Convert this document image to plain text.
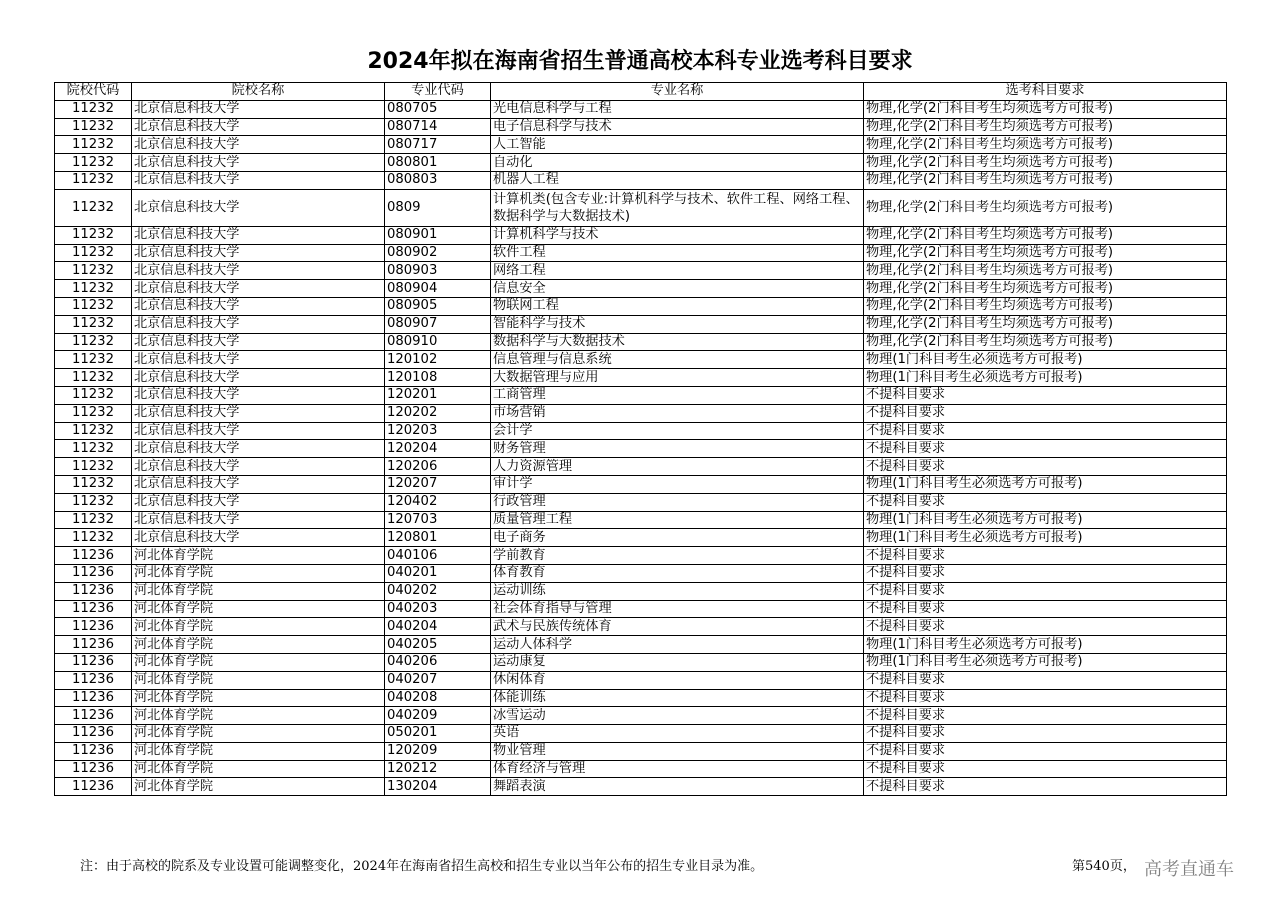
2024年拟在海南省招生普通高校本科专业选考科目要求
院校代码	院校名称	专业代码	专业名称	选考科目要求
11232	北京信息科技大学	080705	光电信息科学与工程	物理,化学(2门科目考生均须选考方可报考)
11232	北京信息科技大学	080714	电子信息科学与技术	物理,化学(2门科目考生均须选考方可报考)
11232	北京信息科技大学	080717	人工智能	物理,化学(2门科目考生均须选考方可报考)
11232	北京信息科技大学	080801	自动化	物理,化学(2门科目考生均须选考方可报考)
11232	北京信息科技大学	080803	机器人工程	物理,化学(2门科目考生均须选考方可报考)
11232	北京信息科技大学	0809	计算机类(包含专业:计算机科学与技术、软件工程、网络工程、数据科学与大数据技术)	物理,化学(2门科目考生均须选考方可报考)
11232	北京信息科技大学	080901	计算机科学与技术	物理,化学(2门科目考生均须选考方可报考)
11232	北京信息科技大学	080902	软件工程	物理,化学(2门科目考生均须选考方可报考)
11232	北京信息科技大学	080903	网络工程	物理,化学(2门科目考生均须选考方可报考)
11232	北京信息科技大学	080904	信息安全	物理,化学(2门科目考生均须选考方可报考)
11232	北京信息科技大学	080905	物联网工程	物理,化学(2门科目考生均须选考方可报考)
11232	北京信息科技大学	080907	智能科学与技术	物理,化学(2门科目考生均须选考方可报考)
11232	北京信息科技大学	080910	数据科学与大数据技术	物理,化学(2门科目考生均须选考方可报考)
11232	北京信息科技大学	120102	信息管理与信息系统	物理(1门科目考生必须选考方可报考)
11232	北京信息科技大学	120108	大数据管理与应用	物理(1门科目考生必须选考方可报考)
11232	北京信息科技大学	120201	工商管理	不提科目要求
11232	北京信息科技大学	120202	市场营销	不提科目要求
11232	北京信息科技大学	120203	会计学	不提科目要求
11232	北京信息科技大学	120204	财务管理	不提科目要求
11232	北京信息科技大学	120206	人力资源管理	不提科目要求
11232	北京信息科技大学	120207	审计学	物理(1门科目考生必须选考方可报考)
11232	北京信息科技大学	120402	行政管理	不提科目要求
11232	北京信息科技大学	120703	质量管理工程	物理(1门科目考生必须选考方可报考)
11232	北京信息科技大学	120801	电子商务	物理(1门科目考生必须选考方可报考)
11236	河北体育学院	040106	学前教育	不提科目要求
11236	河北体育学院	040201	体育教育	不提科目要求
11236	河北体育学院	040202	运动训练	不提科目要求
11236	河北体育学院	040203	社会体育指导与管理	不提科目要求
11236	河北体育学院	040204	武术与民族传统体育	不提科目要求
11236	河北体育学院	040205	运动人体科学	物理(1门科目考生必须选考方可报考)
11236	河北体育学院	040206	运动康复	物理(1门科目考生必须选考方可报考)
11236	河北体育学院	040207	休闲体育	不提科目要求
11236	河北体育学院	040208	体能训练	不提科目要求
11236	河北体育学院	040209	冰雪运动	不提科目要求
11236	河北体育学院	050201	英语	不提科目要求
11236	河北体育学院	120209	物业管理	不提科目要求
11236	河北体育学院	120212	体育经济与管理	不提科目要求
11236	河北体育学院	130204	舞蹈表演	不提科目要求
注：由于高校的院系及专业设置可能调整变化，2024年在海南省招生高校和招生专业以当年公布的招生专业目录为准。	第540页， 高考直通车
